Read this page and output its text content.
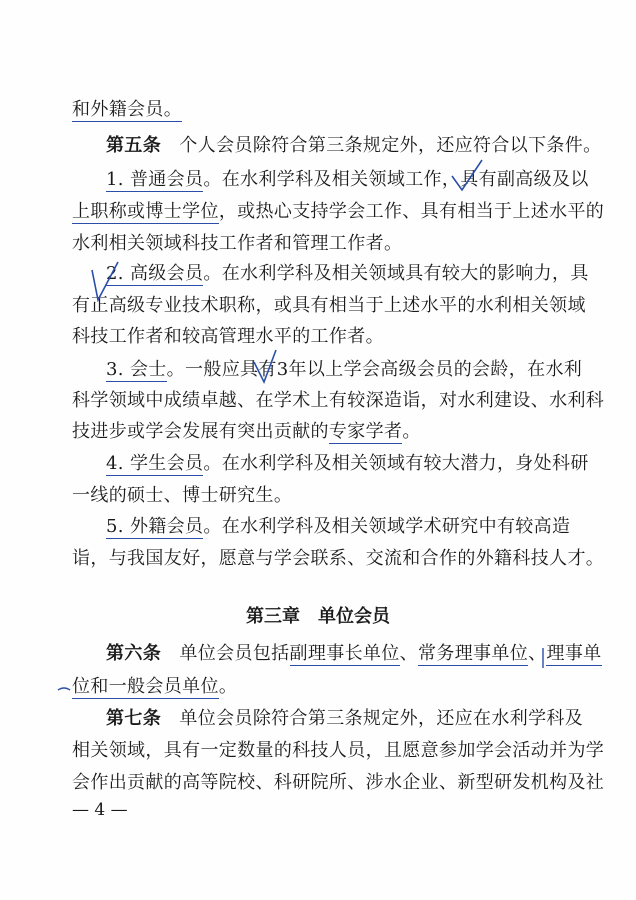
和外籍会员。
第五条　 个人会员除符合第三条规定外，还应符合以下条件。
1. 普通会员。在水利学科及相关领域工作，具有副高级及以
上职称或博士学位，或热心支持学会工作、具有相当于上述水平的
水利相关领域科技工作者和管理工作者。
2. 高级会员。在水利学科及相关领域具有较大的影响力，具
有正高级专业技术职称，或具有相当于上述水平的水利相关领域
科技工作者和较高管理水平的工作者。
3. 会士。一般应具有3年以上学会高级会员的会龄，在水利
科学领域中成绩卓越、在学术上有较深造诣，对水利建设、水利科
技进步或学会发展有突出贡献的专家学者。
4. 学生会员。在水利学科及相关领域有较大潜力，身处科研
一线的硕士、博士研究生。
5. 外籍会员。在水利学科及相关领域学术研究中有较高造
诣，与我国友好，愿意与学会联系、交流和合作的外籍科技人才。
第三章　单位会员
第六条　 单位会员包括副理事长单位、常务理事单位、理事单
位和一般会员单位。
第七条　 单位会员除符合第三条规定外，还应在水利学科及
相关领域，具有一定数量的科技人员，且愿意参加学会活动并为学
会作出贡献的高等院校、科研院所、涉水企业、新型研发机构及社
— 4 —
